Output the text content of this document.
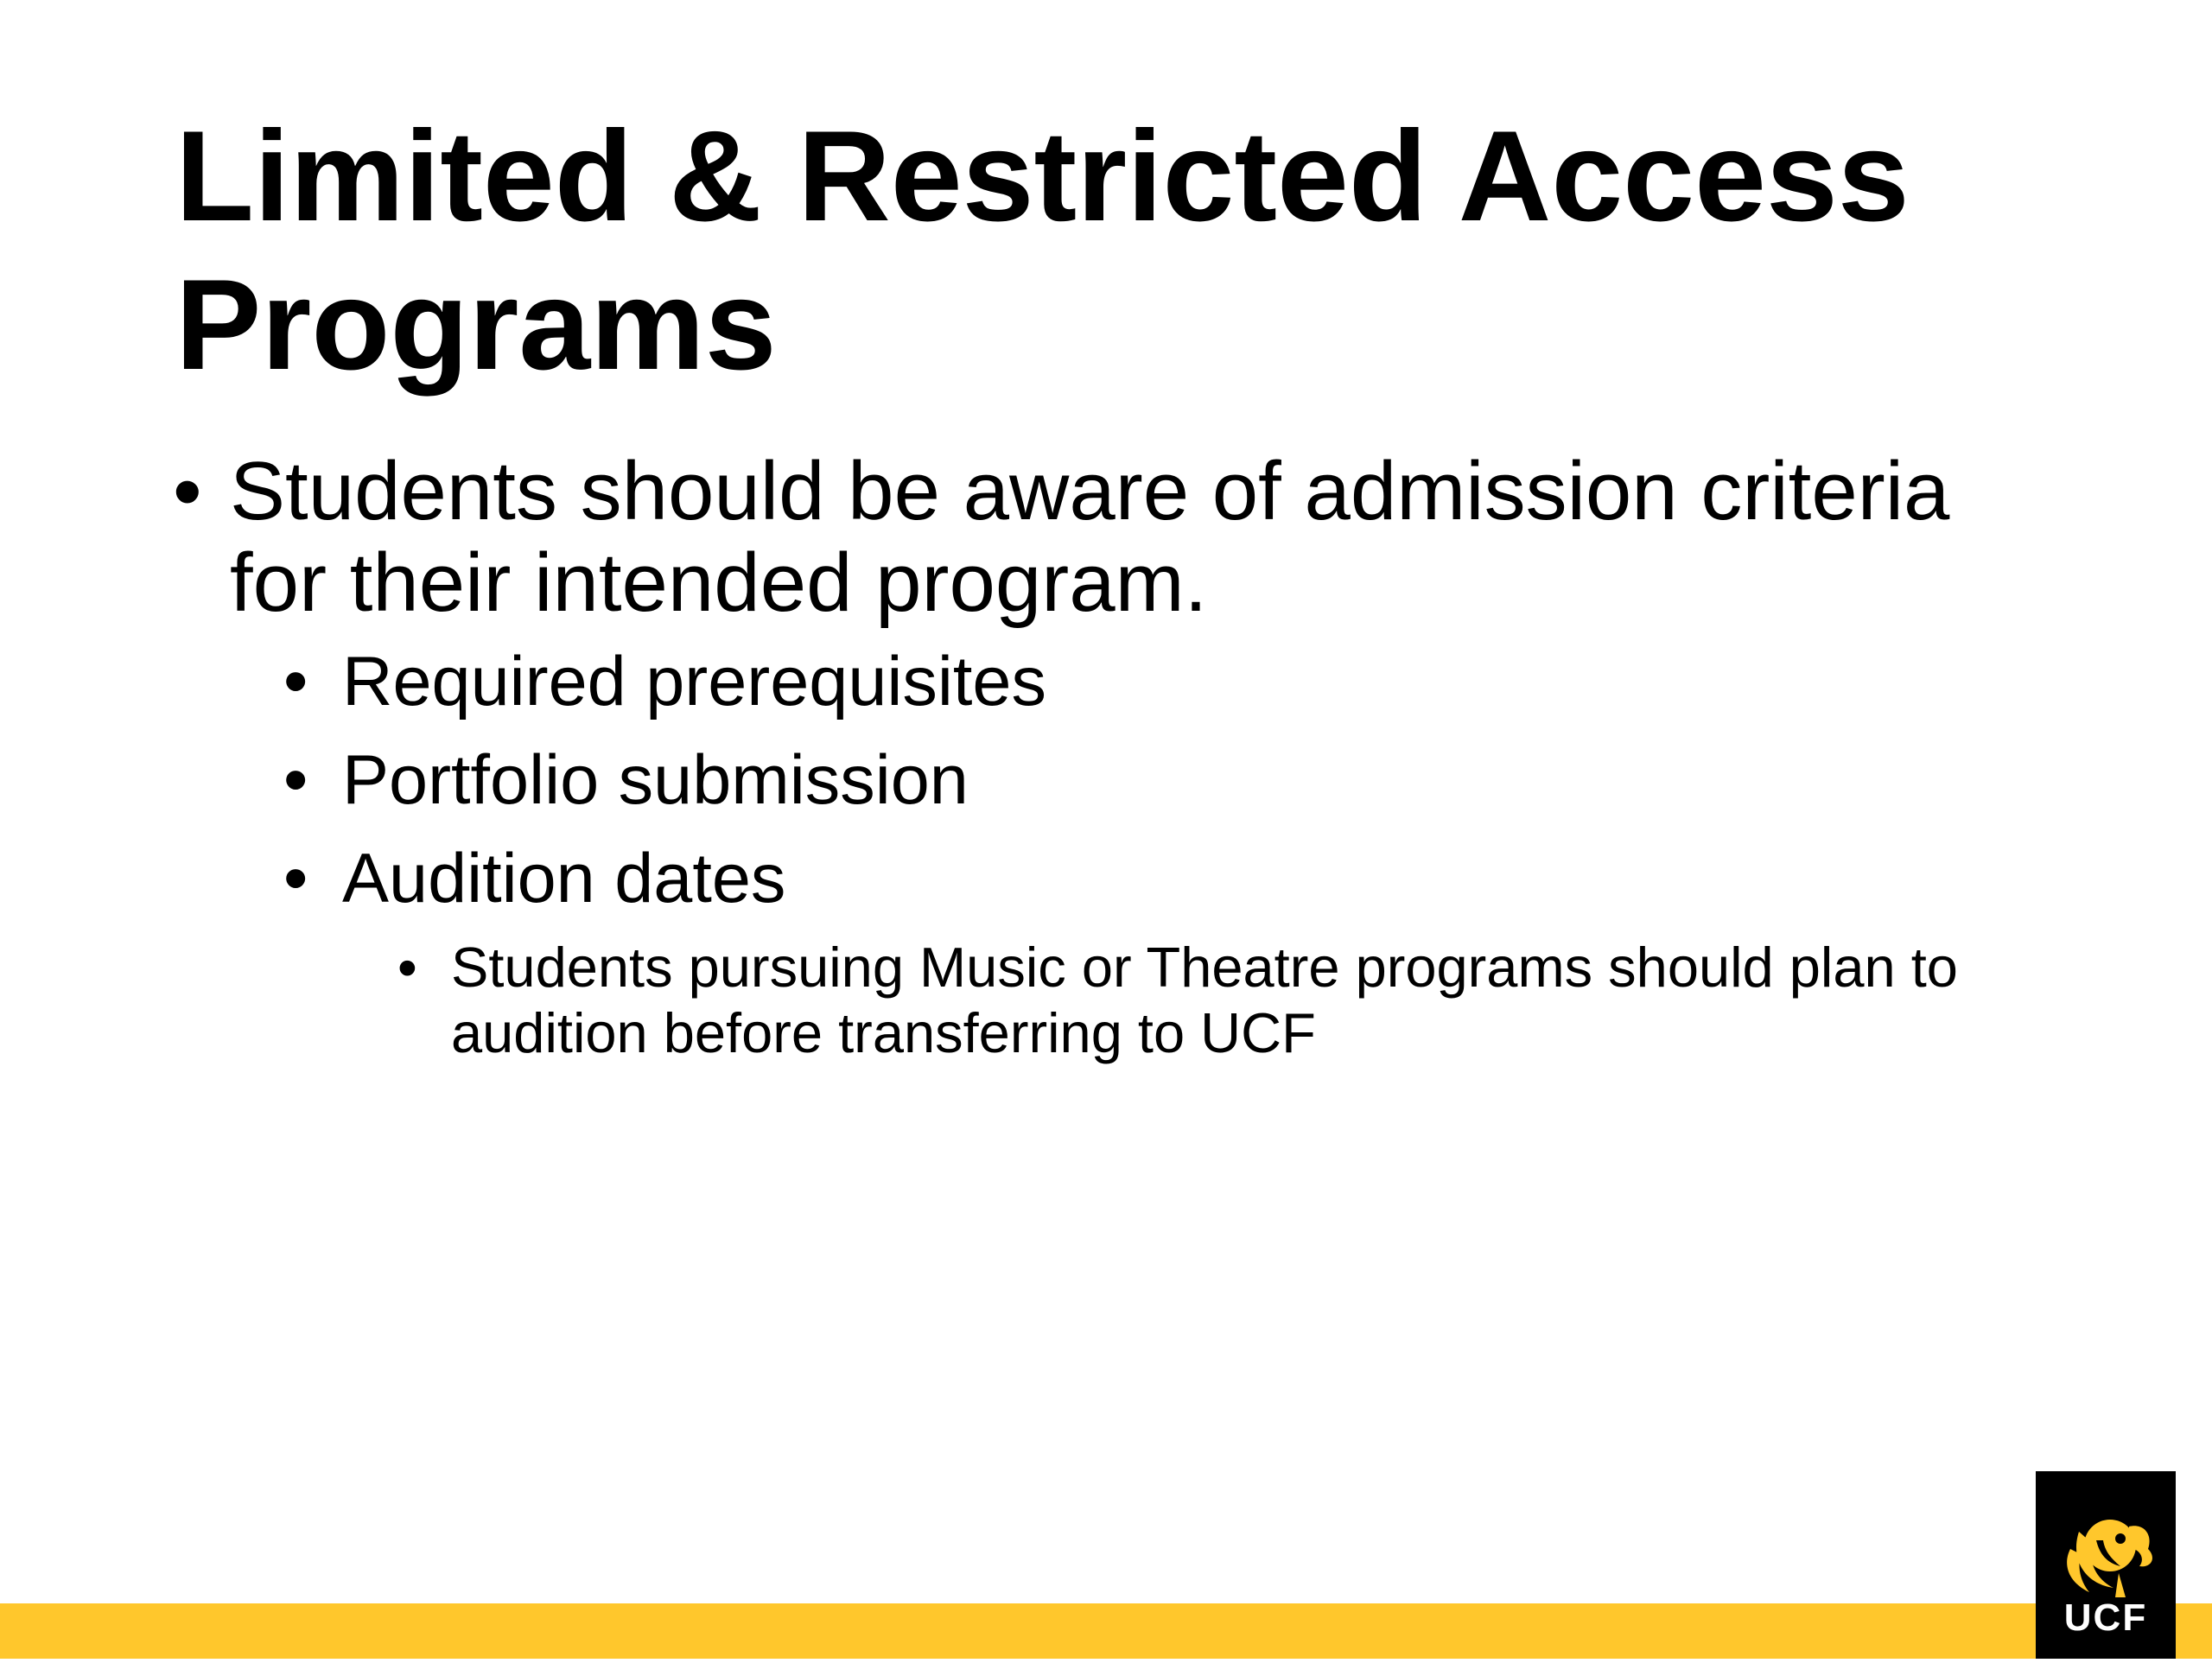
Limited & Restricted Access
Programs

• Students should be aware of admission criteria for their intended program.

• Required prerequisites

• Portfolio submission

• Audition dates

• Students pursuing Music or Theatre programs should plan to audition before transferring to UCF

UCF
